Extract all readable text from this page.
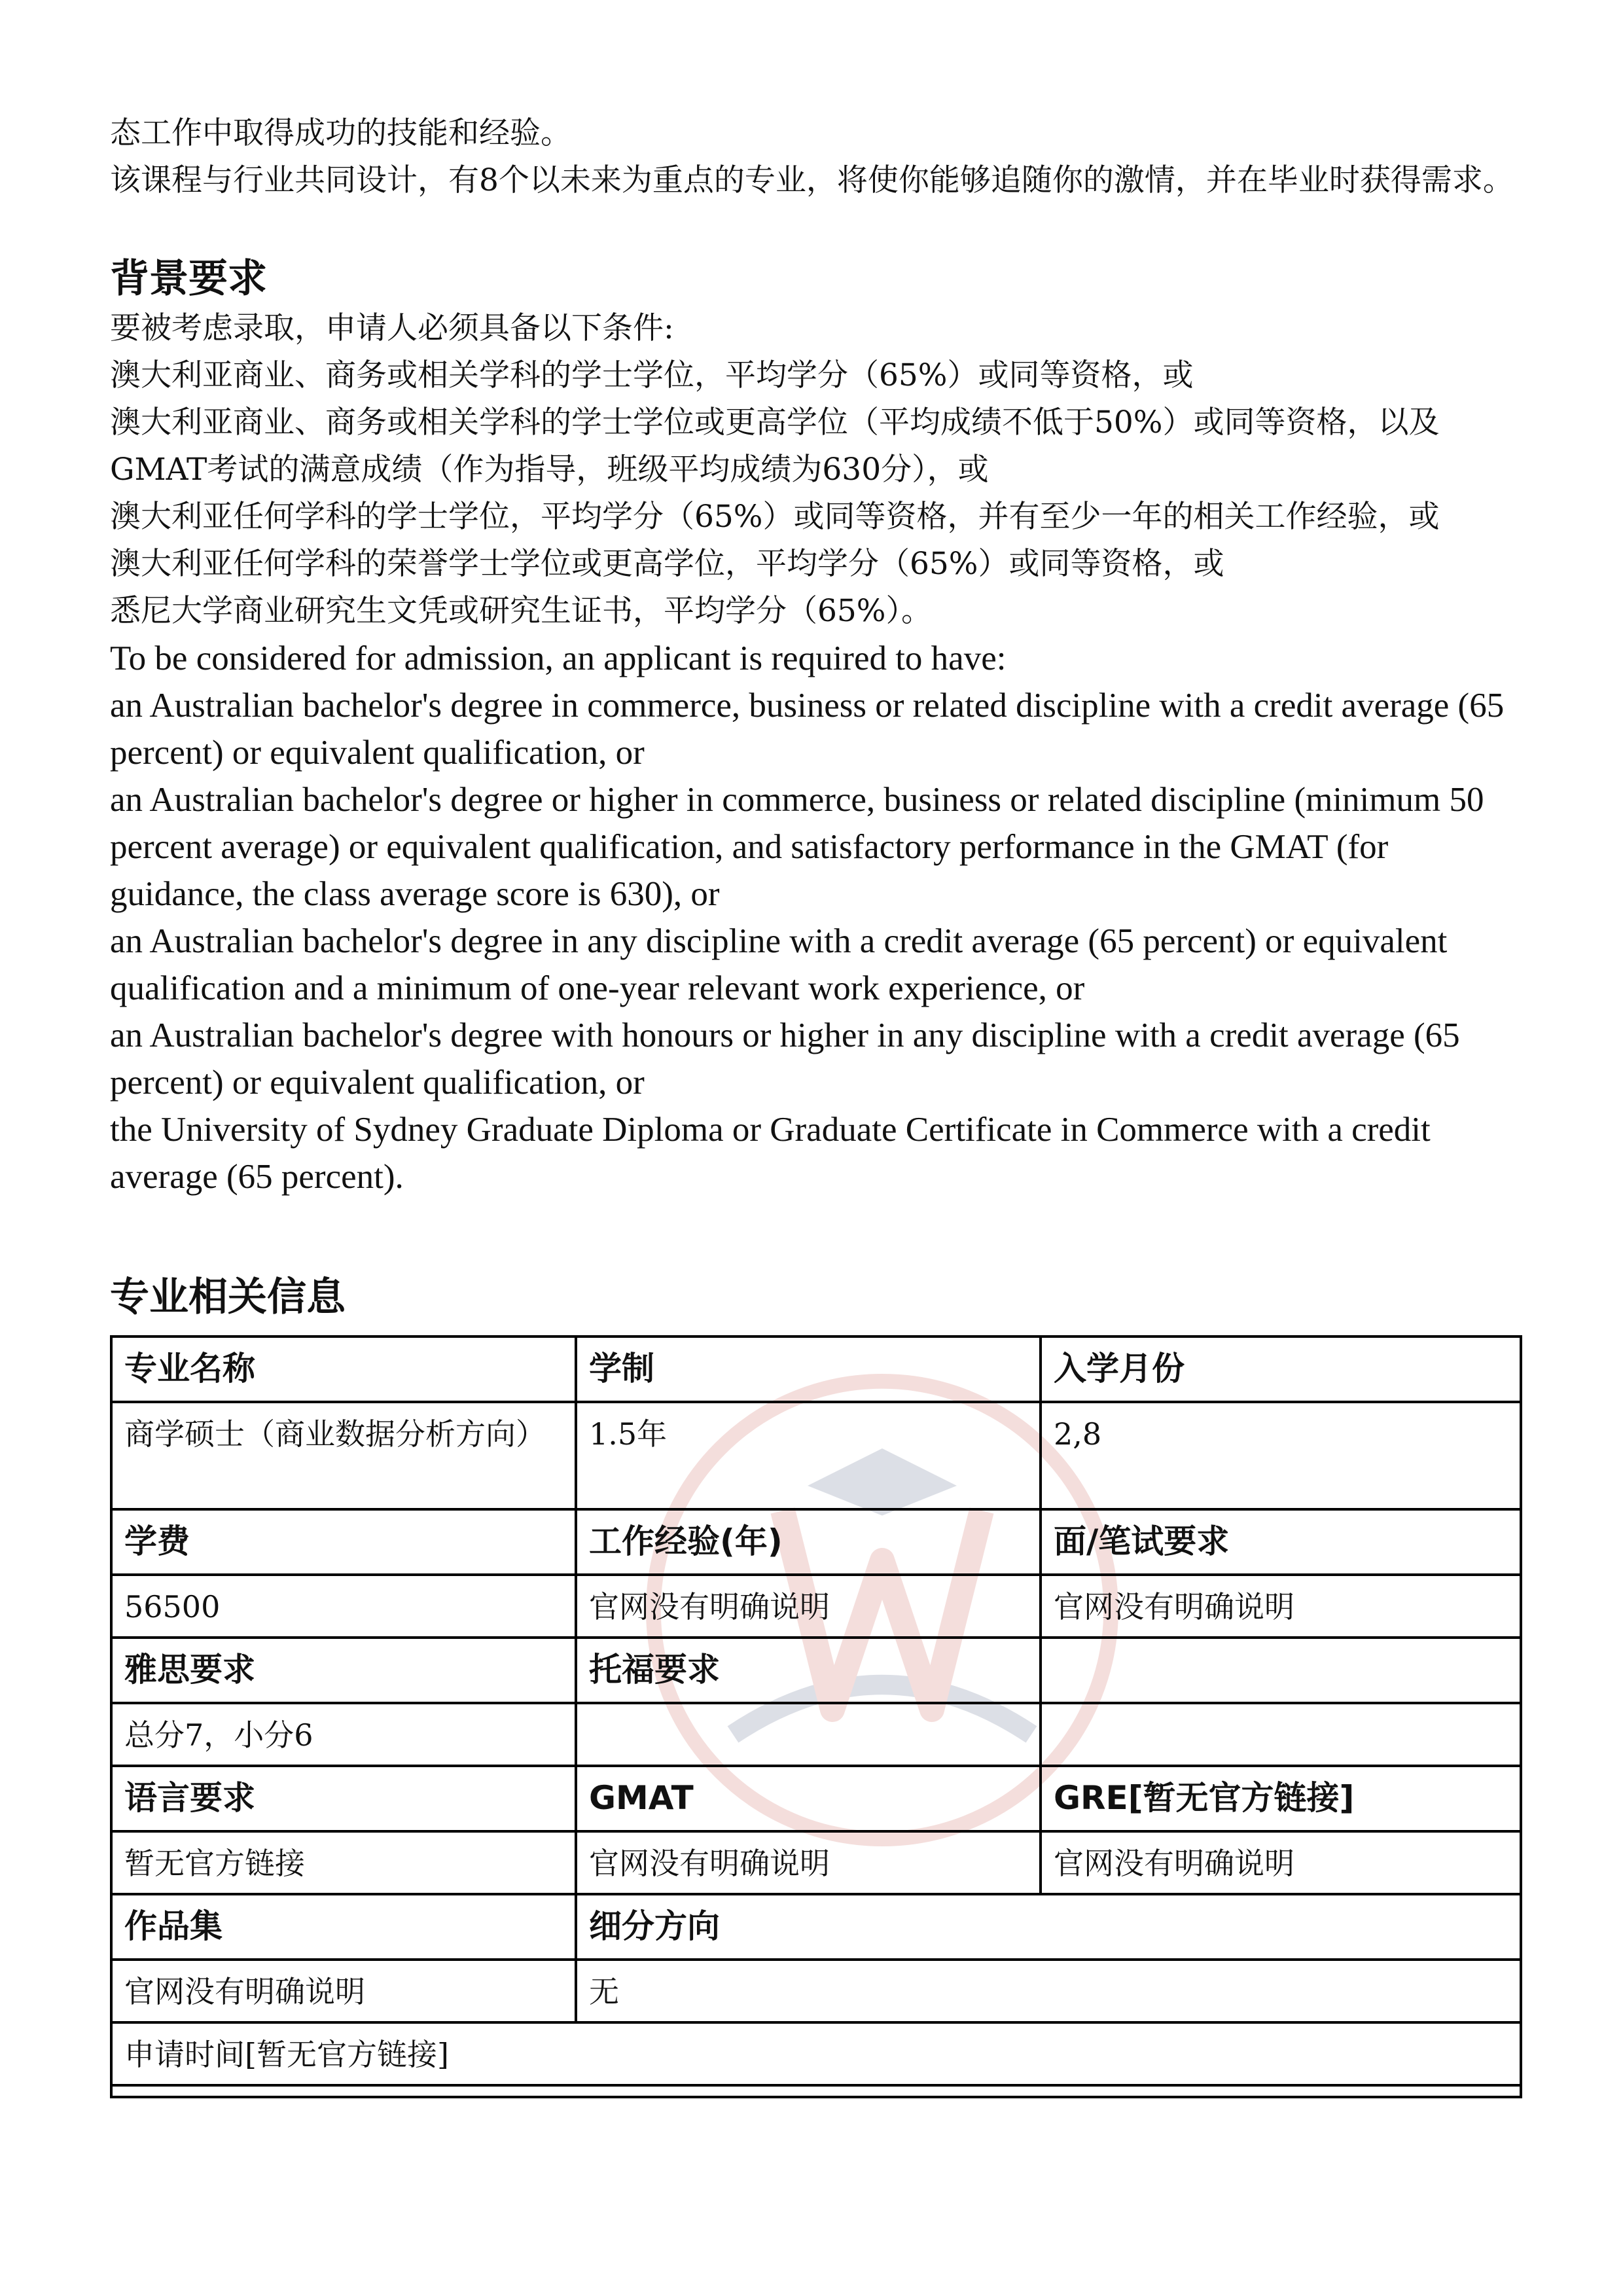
态工作中取得成功的技能和经验。

该课程与行业共同设计，有8个以未来为重点的专业，将使你能够追随你的激情，并在毕业时获得需求。

背景要求

要被考虑录取，申请人必须具备以下条件:

澳大利亚商业、商务或相关学科的学士学位，平均学分（65%）或同等资格，或

澳大利亚商业、商务或相关学科的学士学位或更高学位（平均成绩不低于50%）或同等资格，以及GMAT考试的满意成绩（作为指导，班级平均成绩为630分），或

澳大利亚任何学科的学士学位，平均学分（65%）或同等资格，并有至少一年的相关工作经验，或

澳大利亚任何学科的荣誉学士学位或更高学位，平均学分（65%）或同等资格，或

悉尼大学商业研究生文凭或研究生证书，平均学分（65%）。

To be considered for admission, an applicant is required to have:

an Australian bachelor's degree in commerce, business or related discipline with a credit average (65 percent) or equivalent qualification, or

an Australian bachelor's degree or higher in commerce, business or related discipline (minimum 50 percent average) or equivalent qualification, and satisfactory performance in the GMAT (for guidance, the class average score is 630), or

an Australian bachelor's degree in any discipline with a credit average (65 percent) or equivalent qualification and a minimum of one-year relevant work experience, or

an Australian bachelor's degree with honours or higher in any discipline with a credit average (65 percent) or equivalent qualification, or

the University of Sydney Graduate Diploma or Graduate Certificate in Commerce with a credit average (65 percent).

专业相关信息
专业名称	学制	入学月份
商学硕士（商业数据分析方向）	1.5年	2,8
学费	工作经验(年)	面/笔试要求
56500	官网没有明确说明	官网没有明确说明
雅思要求	托福要求	
总分7，小分6		
语言要求	GMAT	GRE[暂无官方链接]
暂无官方链接	官网没有明确说明	官网没有明确说明
作品集	细分方向	
官网没有明确说明	无	
申请时间[暂无官方链接]		
